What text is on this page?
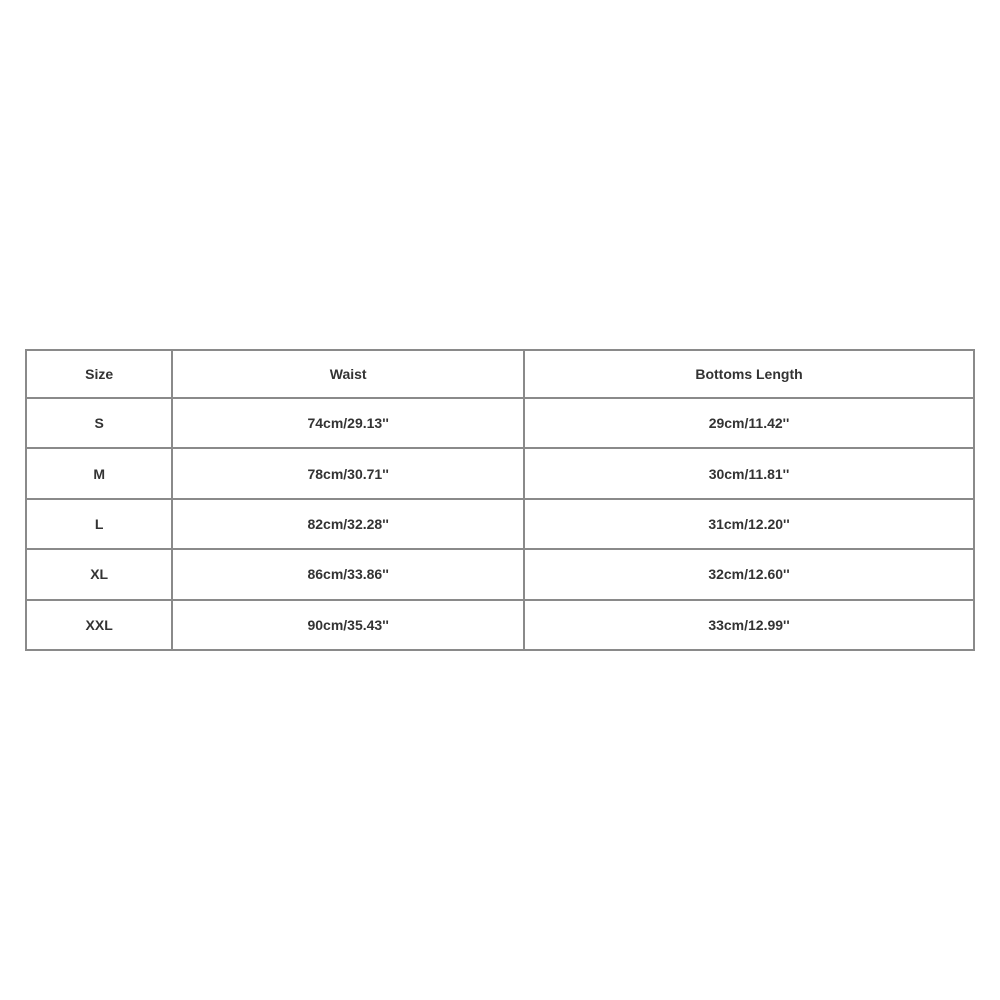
Size	Waist	Bottoms Length
S	74cm/29.13''	29cm/11.42''
M	78cm/30.71''	30cm/11.81''
L	82cm/32.28''	31cm/12.20''
XL	86cm/33.86''	32cm/12.60''
XXL	90cm/35.43''	33cm/12.99''
